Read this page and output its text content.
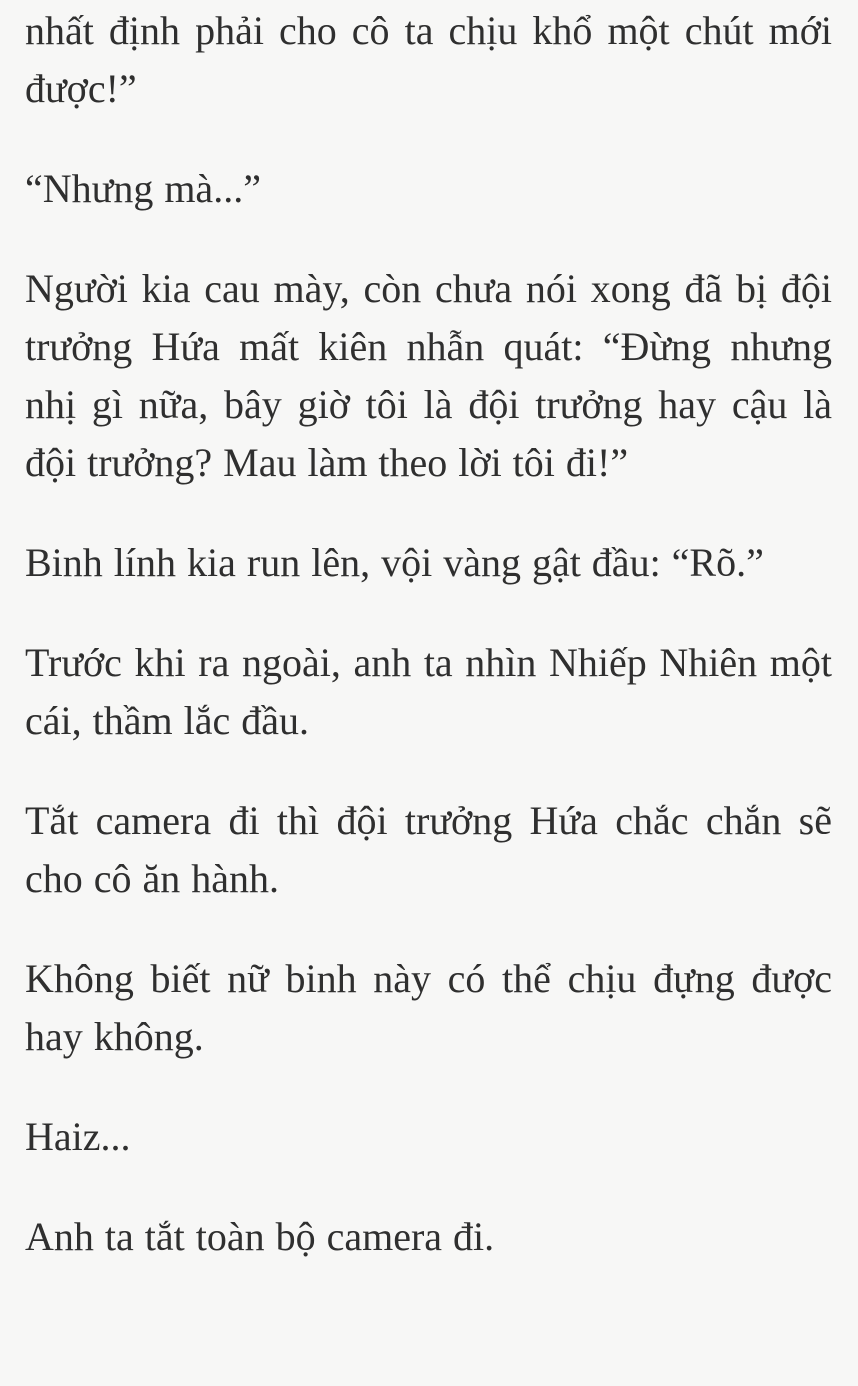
nhất định phải cho cô ta chịu khổ một chút mới được!”

“Nhưng mà...”

Người kia cau mày, còn chưa nói xong đã bị đội trưởng Hứa mất kiên nhẫn quát: “Đừng nhưng nhị gì nữa, bây giờ tôi là đội trưởng hay cậu là đội trưởng? Mau làm theo lời tôi đi!”

Binh lính kia run lên, vội vàng gật đầu: “Rõ.”

Trước khi ra ngoài, anh ta nhìn Nhiếp Nhiên một cái, thầm lắc đầu.

Tắt camera đi thì đội trưởng Hứa chắc chắn sẽ cho cô ăn hành.

Không biết nữ binh này có thể chịu đựng được hay không.

Haiz...

Anh ta tắt toàn bộ camera đi.
